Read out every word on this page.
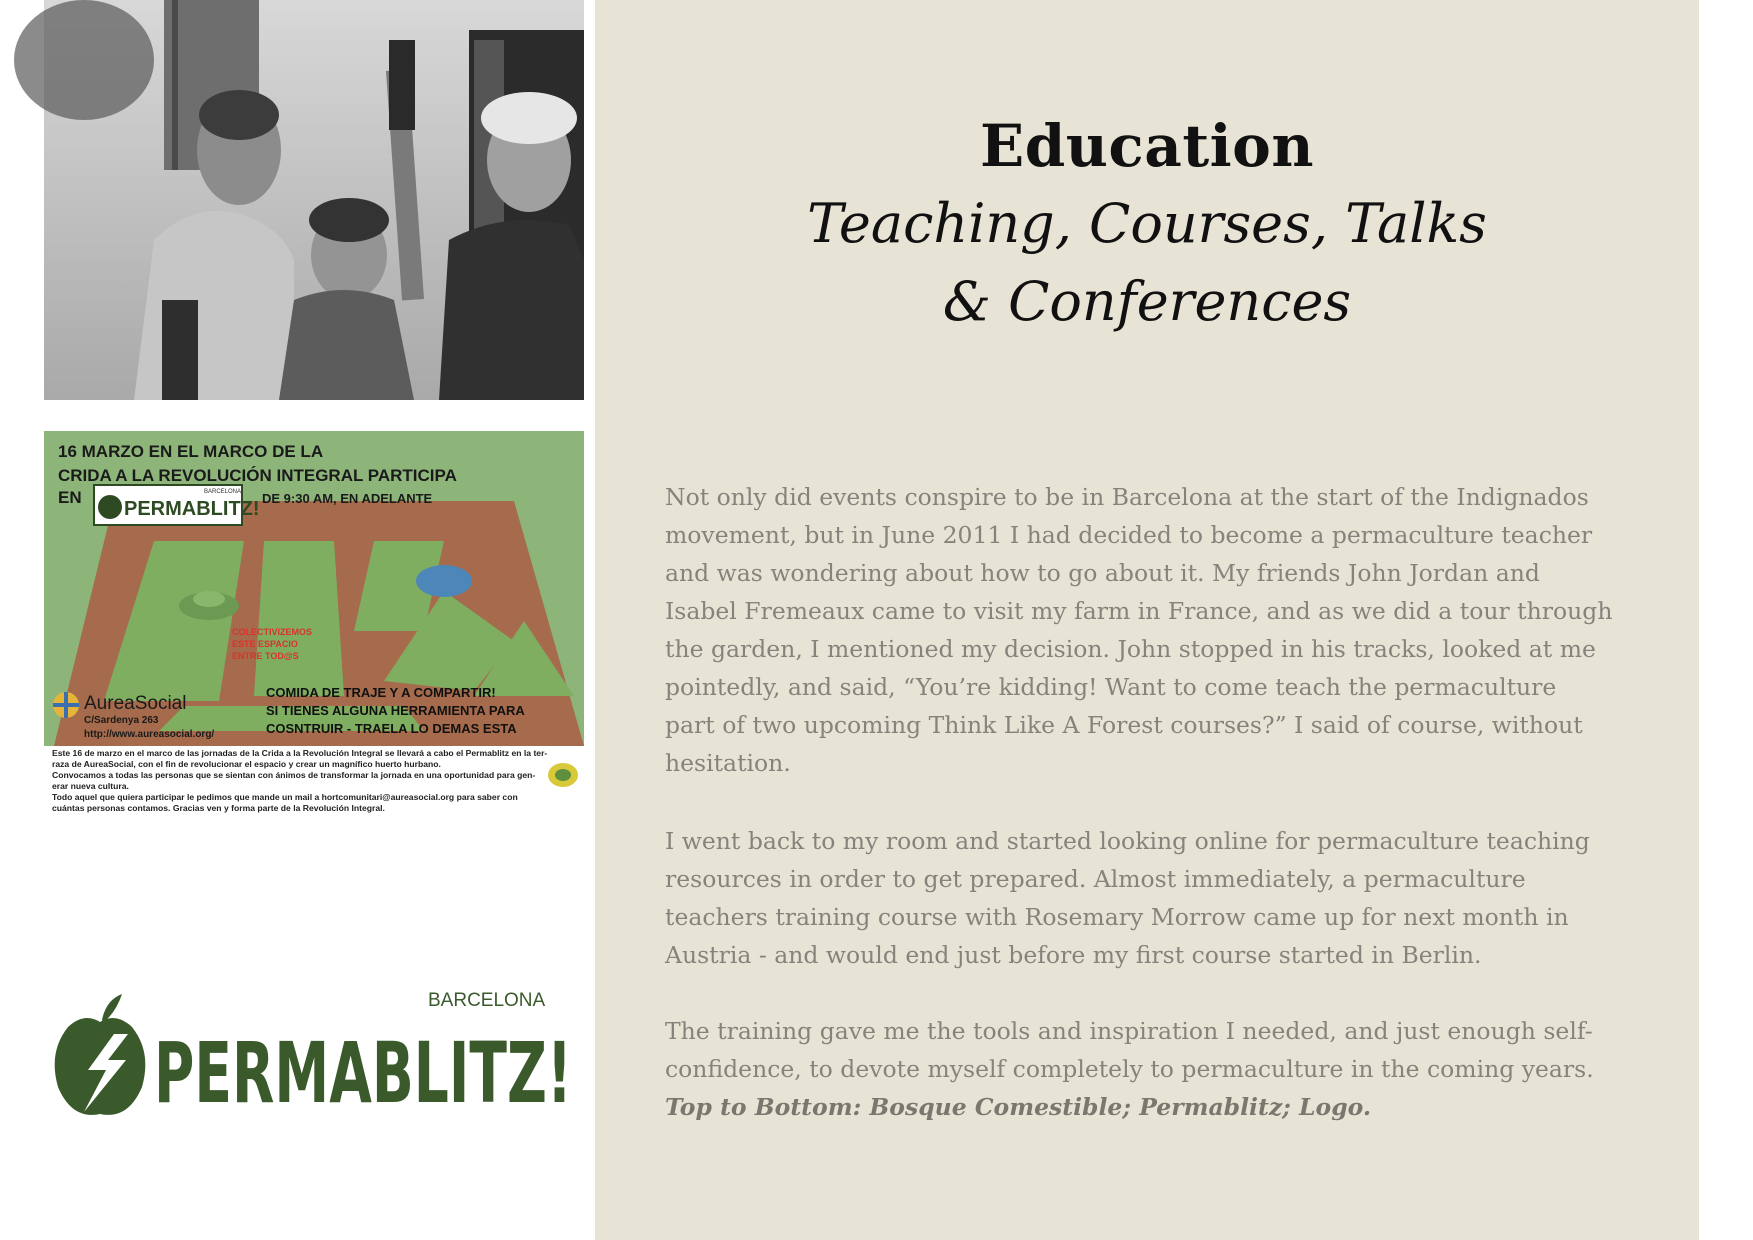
16 MARZO EN EL MARCO DE LA
CRIDA A LA REVOLUCIÓN INTEGRAL PARTICIPA
EN	BARCELONA
PERMABLITZ! DE 9:30 AM, EN ADELANTE
COLECTIVIZEMOS
ESTE ESPACIO
ENTRE TOD@S
AureaSocial
C/Sardenya 263
http://www.aureasocial.org/
COMIDA DE TRAJE Y A COMPARTIR!
SI TIENES ALGUNA HERRAMIENTA PARA
COSNTRUIR - TRAELA LO DEMAS ESTA
Este 16 de marzo en el marco de las jornadas de la Crida a la Revolución Integral se llevará a cabo el Permablitz en la ter-
raza de AureaSocial, con el fin de revolucionar el espacio y crear un magnífico huerto hurbano.
Convocamos a todas las personas que se sientan con ánimos de transformar la jornada en una oportunidad para gen-
erar nueva cultura.
Todo aquel que quiera participar le pedimos que mande un mail a hortcomunitari@aureasocial.org para saber con
cuántas personas contamos. Gracias ven y forma parte de la Revolución Integral.
BARCELONA
PERMABLITZ!
Education
Teaching, Courses, Talks
& Conferences
Not only did events conspire to be in Barcelona at the start of the Indignados
movement, but in June 2011 I had decided to become a permaculture teacher
and was wondering about how to go about it. My friends John Jordan and
Isabel Fremeaux came to visit my farm in France, and as we did a tour through
the garden, I mentioned my decision. John stopped in his tracks, looked at me
pointedly, and said, “You’re kidding! Want to come teach the permaculture
part of two upcoming Think Like A Forest courses?” I said of course, without
hesitation.
I went back to my room and started looking online for permaculture teaching
resources in order to get prepared. Almost immediately, a permaculture
teachers training course with Rosemary Morrow came up for next month in
Austria - and would end just before my first course started in Berlin.
The training gave me the tools and inspiration I needed, and just enough self-
confidence, to devote myself completely to permaculture in the coming years.
Top to Bottom: Bosque Comestible; Permablitz; Logo.
